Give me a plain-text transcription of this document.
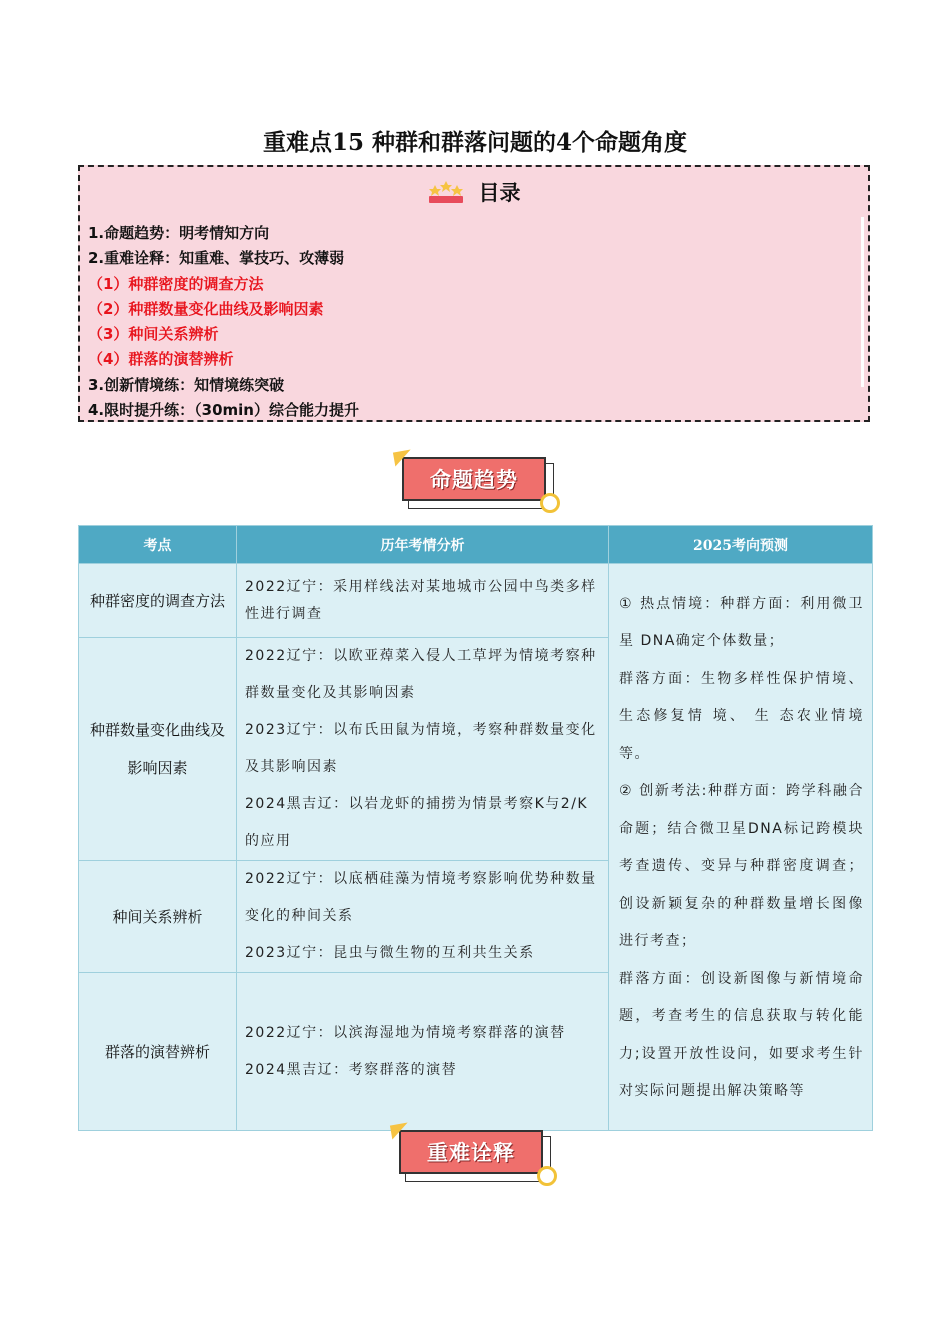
重难点15 种群和群落问题的4个命题角度
目录
1.命题趋势：明考情知方向
2.重难诠释：知重难、掌技巧、攻薄弱
（1）种群密度的调查方法
（2）种群数量变化曲线及影响因素
（3）种间关系辨析
（4）群落的演替辨析
3.创新情境练：知情境练突破
4.限时提升练：（30min）综合能力提升
命题趋势
考点	历年考情分析	2025考向预测
种群密度的调查方法	2022辽宁：采用样线法对某地城市公园中鸟类多样性进行调查	① 热点情境：种群方面：利用微卫星 DNA确定个体数量；

群落方面：生物多样性保护情境、生态修复情 境、 生 态农业情境等。

② 创新考法:种群方面：跨学科融合命题；结合微卫星DNA标记跨模块考查遗传、变异与种群密度调查；创设新颖复杂的种群数量增长图像进行考查；

群落方面：创设新图像与新情境命题，考查考生的信息获取与转化能力;设置开放性设问，如要求考生针对实际问题提出解决策略等

种群数量变化曲线及影响因素	2022辽宁：以欧亚蔊菜入侵人工草坪为情境考察种群数量变化及其影响因素

2023辽宁：以布氏田鼠为情境，考察种群数量变化及其影响因素

2024黑吉辽：以岩龙虾的捕捞为情景考察K与2/K的应用	

种间关系辨析	2022辽宁：以底栖硅藻为情境考察影响优势种数量变化的种间关系

2023辽宁：昆虫与微生物的互利共生关系	

群落的演替辨析	2022辽宁：以滨海湿地为情境考察群落的演替

2024黑吉辽：考察群落的演替	

重难诠释
